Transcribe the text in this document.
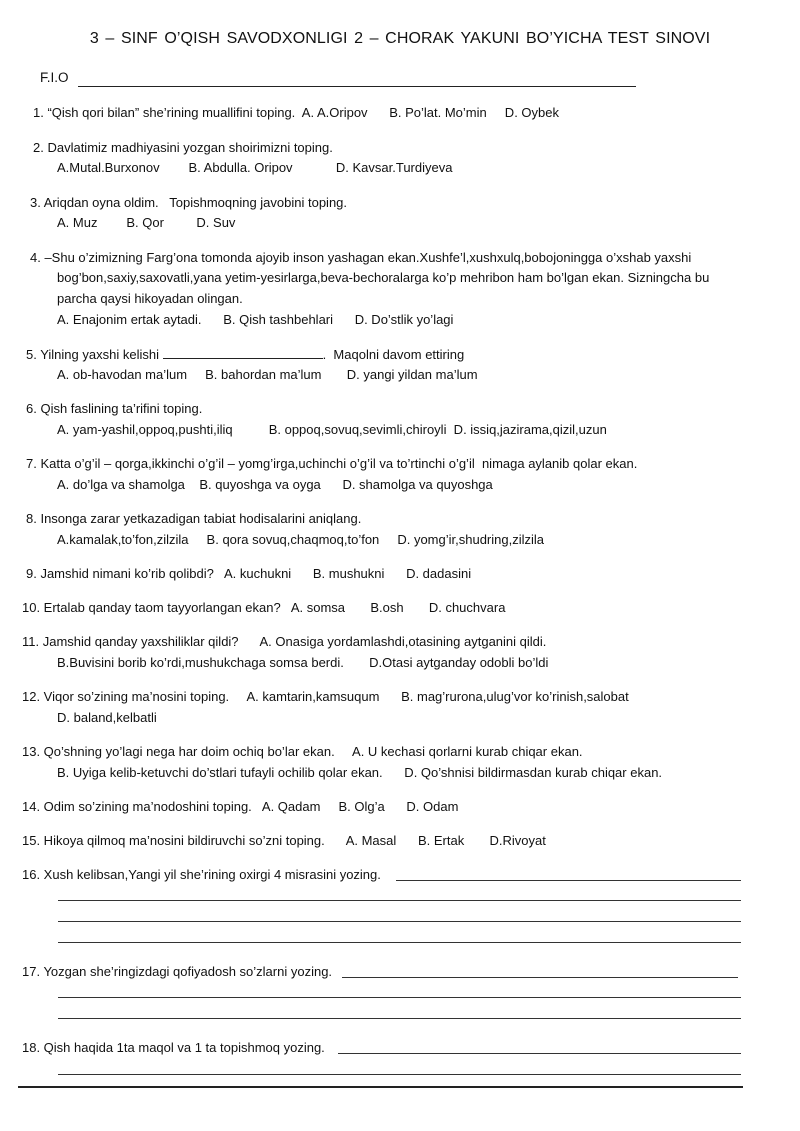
3 – SINF O’QISH SAVODXONLIGI 2 – CHORAK YAKUNI BO’YICHA TEST SINOVI
F.I.O
1. “Qish qori bilan” she’rining muallifini toping.  A. A.Oripov      B. Po’lat. Mo’min     D. Oybek
2. Davlatimiz madhiyasini yozgan shoirimizni toping.
A.Mutal.Burxonov        B. Abdulla. Oripov            D. Kavsar.Turdiyeva
3. Ariqdan oyna oldim.   Topishmoqning javobini toping.
A. Muz        B. Qor         D. Suv
4. –Shu o’zimizning Farg’ona tomonda ajoyib inson yashagan ekan.Xushfe’l,xushxulq,bobojoningga o’xshab yaxshi
bog’bon,saxiy,saxovatli,yana yetim-yesirlarga,beva-bechoralarga ko’p mehribon ham bo’lgan ekan. Sizningcha bu
parcha qaysi hikoyadan olingan.
A. Enajonim ertak aytadi.      B. Qish tashbehlari      D. Do’stlik yo’lagi
5. Yilning yaxshi kelishi	.  Maqolni davom ettiring
A. ob-havodan ma’lum     B. bahordan ma’lum       D. yangi yildan ma’lum
6. Qish faslining ta’rifini toping.
A. yam-yashil,oppoq,pushti,iliq          B. oppoq,sovuq,sevimli,chiroyli  D. issiq,jazirama,qizil,uzun
7. Katta o’g’il – qorga,ikkinchi o’g’il – yomg’irga,uchinchi o’g’il va to’rtinchi o’g’il  nimaga aylanib qolar ekan.
A. do’lga va shamolga    B. quyoshga va oyga      D. shamolga va quyoshga
8. Insonga zarar yetkazadigan tabiat hodisalarini aniqlang.
A.kamalak,to’fon,zilzila     B. qora sovuq,chaqmoq,to’fon     D. yomg’ir,shudring,zilzila
9. Jamshid nimani ko’rib qolibdi?   A. kuchukni      B. mushukni      D. dadasini
10. Ertalab qanday taom tayyorlangan ekan?   A. somsa       B.osh       D. chuchvara
11. Jamshid qanday yaxshiliklar qildi?      A. Onasiga yordamlashdi,otasining aytganini qildi.
B.Buvisini borib ko’rdi,mushukchaga somsa berdi.       D.Otasi aytganday odobli bo’ldi
12. Viqor so’zining ma’nosini toping.     A. kamtarin,kamsuqum      B. mag’rurona,ulug’vor ko’rinish,salobat
D. baland,kelbatli
13. Qo’shning yo’lagi nega har doim ochiq bo’lar ekan.     A. U kechasi qorlarni kurab chiqar ekan.
B. Uyiga kelib-ketuvchi do’stlari tufayli ochilib qolar ekan.      D. Qo’shnisi bildirmasdan kurab chiqar ekan.
14. Odim so’zining ma’nodoshini toping.   A. Qadam     B. Olg’a      D. Odam
15. Hikoya qilmoq ma’nosini bildiruvchi so’zni toping.      A. Masal      B. Ertak       D.Rivoyat
16. Xush kelibsan,Yangi yil she’rining oxirgi 4 misrasini yozing.
17. Yozgan she’ringizdagi qofiyadosh so’zlarni yozing.
18. Qish haqida 1ta maqol va 1 ta topishmoq yozing.
